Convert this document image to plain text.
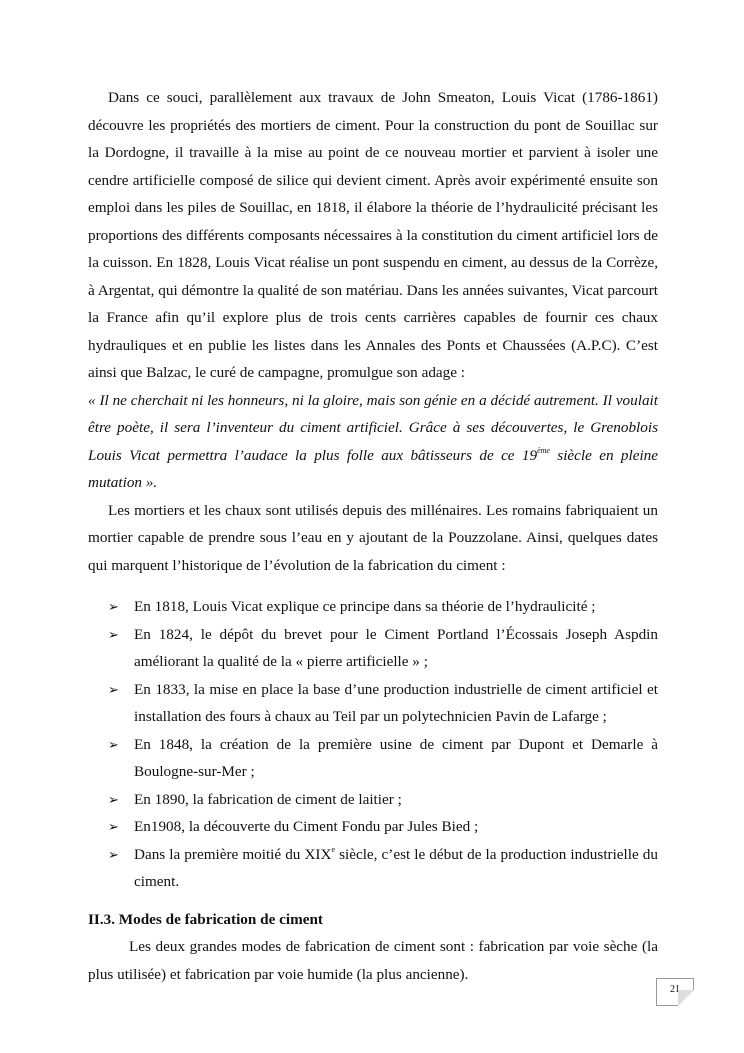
Dans ce souci, parallèlement aux travaux de John Smeaton, Louis Vicat (1786-1861) découvre les propriétés des mortiers de ciment. Pour la construction du pont de Souillac sur la Dordogne, il travaille à la mise au point de ce nouveau mortier et parvient à isoler une cendre artificielle composé de silice qui devient ciment. Après avoir expérimenté ensuite son emploi dans les piles de Souillac, en 1818, il élabore la théorie de l’hydraulicité précisant les proportions des différents composants nécessaires à la constitution du ciment artificiel lors de la cuisson. En 1828, Louis Vicat réalise un pont suspendu en ciment, au dessus de la Corrèze, à Argentat, qui démontre la qualité de son matériau. Dans les années suivantes, Vicat parcourt la France afin qu’il explore plus de trois cents carrières capables de fournir ces chaux hydrauliques et en publie les listes dans les Annales des Ponts et Chaussées (A.P.C). C’est ainsi que Balzac, le curé de campagne, promulgue son adage :

« Il ne cherchait ni les honneurs, ni la gloire, mais son génie en a décidé autrement. Il voulait être poète, il sera l’inventeur du ciment artificiel. Grâce à ses découvertes, le Grenoblois Louis Vicat permettra l’audace la plus folle aux bâtisseurs de ce 19ème siècle en pleine mutation ».

Les mortiers et les chaux sont utilisés depuis des millénaires. Les romains fabriquaient un mortier capable de prendre sous l’eau en y ajoutant de la Pouzzolane. Ainsi, quelques dates qui marquent l’historique de l’évolution de la fabrication du ciment :

➢ En 1818, Louis Vicat explique ce principe dans sa théorie de l’hydraulicité ;
➢ En 1824, le dépôt du brevet pour le Ciment Portland l’Écossais Joseph Aspdin améliorant la qualité de la « pierre artificielle » ;
➢ En 1833, la mise en place la base d’une production industrielle de ciment artificiel et installation des fours à chaux au Teil par un polytechnicien Pavin de Lafarge ;
➢ En 1848, la création de la première usine de ciment par Dupont et Demarle à Boulogne-sur-Mer ;
➢ En 1890, la fabrication de ciment de laitier ;
➢ En1908, la découverte du Ciment Fondu par Jules Bied ;
➢ Dans la première moitié du XIXe siècle, c’est le début de la production industrielle du ciment.

II.3. Modes de fabrication de ciment

Les deux grandes modes de fabrication de ciment sont : fabrication par voie sèche (la plus utilisée) et fabrication par voie humide (la plus ancienne).

21
